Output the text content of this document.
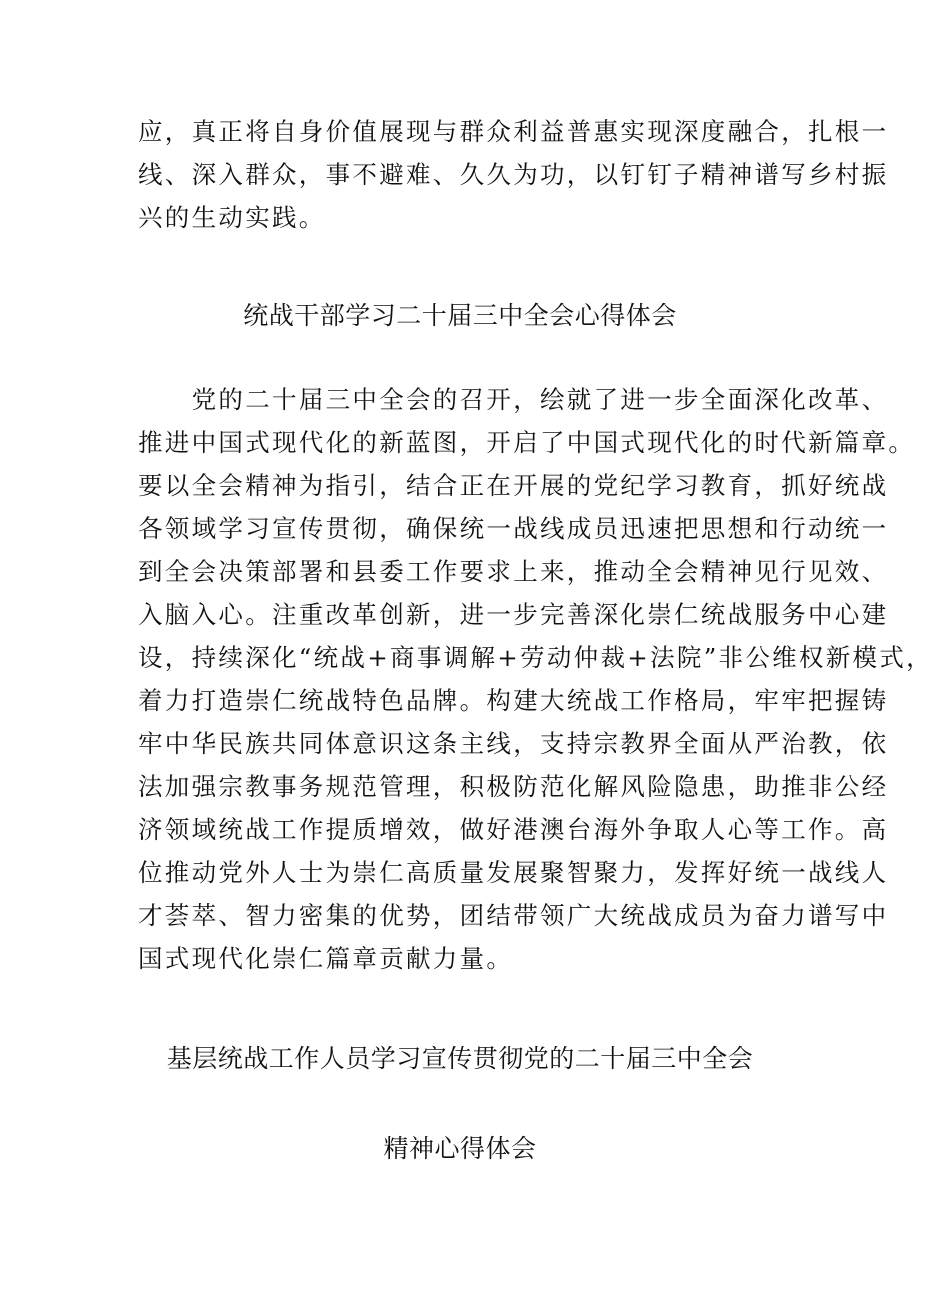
应，真正将自身价值展现与群众利益普惠实现深度融合，扎根一
线、深入群众，事不避难、久久为功，以钉钉子精神谱写乡村振
兴的生动实践。
统战干部学习二十届三中全会心得体会
　　党的二十届三中全会的召开，绘就了进一步全面深化改革、
推进中国式现代化的新蓝图，开启了中国式现代化的时代新篇章。
要以全会精神为指引，结合正在开展的党纪学习教育，抓好统战
各领域学习宣传贯彻，确保统一战线成员迅速把思想和行动统一
到全会决策部署和县委工作要求上来，推动全会精神见行见效、
入脑入心。注重改革创新，进一步完善深化崇仁统战服务中心建
设，持续深化“统战+商事调解+劳动仲裁+法院”非公维权新模式，
着力打造崇仁统战特色品牌。构建大统战工作格局，牢牢把握铸
牢中华民族共同体意识这条主线，支持宗教界全面从严治教，依
法加强宗教事务规范管理，积极防范化解风险隐患，助推非公经
济领域统战工作提质增效，做好港澳台海外争取人心等工作。高
位推动党外人士为崇仁高质量发展聚智聚力，发挥好统一战线人
才荟萃、智力密集的优势，团结带领广大统战成员为奋力谱写中
国式现代化崇仁篇章贡献力量。
基层统战工作人员学习宣传贯彻党的二十届三中全会
精神心得体会
